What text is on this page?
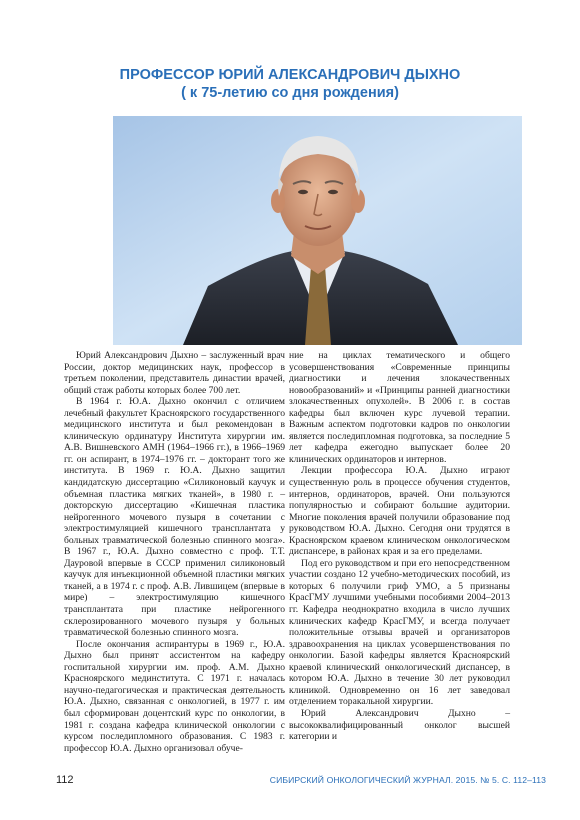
ПРОФЕССОР ЮРИЙ АЛЕКСАНДРОВИЧ ДЫХНО
( к 75-летию со дня рождения)

Юрий Александрович Дыхно – заслуженный врач России, доктор медицинских наук, профессор в третьем поколении, представитель династии врачей, общий стаж работы которых более 700 лет.

В 1964 г. Ю.А. Дыхно окончил с отличием лечебный факультет Красноярского государственного медицинского института и был рекомендован в клиническую ординатуру Института хирургии им. А.В. Вишневского АМН (1964–1966 гг.), в 1966–1969 гг. он аспирант, в 1974–1976 гг. – докторант того же института. В 1969 г. Ю.А. Дыхно защитил кандидатскую диссертацию «Силиконовый каучук и объемная пластика мягких тканей», в 1980 г. – докторскую диссертацию «Кишечная пластика нейрогенного мочевого пузыря в сочетании с электростимуляцией кишечного трансплантата у больных травматической болезнью спинного мозга». В 1967 г., Ю.А. Дыхно совместно с проф. Т.Т. Дауровой впервые в СССР применил силиконовый каучук для инъекционной объемной пластики мягких тканей, а в 1974 г. с проф. А.В. Лившицем (впервые в мире) – электростимуляцию кишечного трансплантата при пластике нейрогенного склерозированного мочевого пузыря у больных травматической болезнью спинного мозга.

После окончания аспирантуры в 1969 г., Ю.А. Дыхно был принят ассистентом на кафедру госпитальной хирургии им. проф. А.М. Дыхно Красноярского мединститута. С 1971 г. началась научно-педагогическая и практическая деятельность Ю.А. Дыхно, связанная с онкологией, в 1977 г. им был сформирован доцентский курс по онкологии, в 1981 г. создана кафедра клинической онкологии с курсом последипломного образования. С 1983 г. профессор Ю.А. Дыхно организовал обуче-

ние на циклах тематического и общего усовершенствования «Современные принципы диагностики и лечения злокачественных новообразований» и «Принципы ранней диагностики злокачественных опухолей». В 2006 г. в состав кафедры был включен курс лучевой терапии. Важным аспектом подготовки кадров по онкологии является последипломная подготовка, за последние 5 лет кафедра ежегодно выпускает более 20 клинических ординаторов и интернов.

Лекции профессора Ю.А. Дыхно играют существенную роль в процессе обучения студентов, интернов, ординаторов, врачей. Они пользуются популярностью и собирают большие аудитории. Многие поколения врачей получили образование под руководством Ю.А. Дыхно. Сегодня они трудятся в Красноярском краевом клиническом онкологическом диспансере, в районах края и за его пределами.

Под его руководством и при его непосредственном участии создано 12 учебно-методических пособий, из которых 6 получили гриф УМО, а 5 признаны КрасГМУ лучшими учебными пособиями 2004–2013 гг. Кафедра неоднократно входила в число лучших клинических кафедр КрасГМУ, и всегда получает положительные отзывы врачей и организаторов здравоохранения на циклах усовершенствования по онкологии. Базой кафедры является Красноярский краевой клинический онкологический диспансер, в котором Ю.А. Дыхно в течение 30 лет руководил клиникой. Одновременно он 16 лет заведовал отделением торакальной хирургии.

Юрий Александрович Дыхно – высококвалифицированный онколог высшей категории и

112	СИБИРСКИЙ ОНКОЛОГИЧЕСКИЙ ЖУРНАЛ. 2015. № 5. С. 112–113
